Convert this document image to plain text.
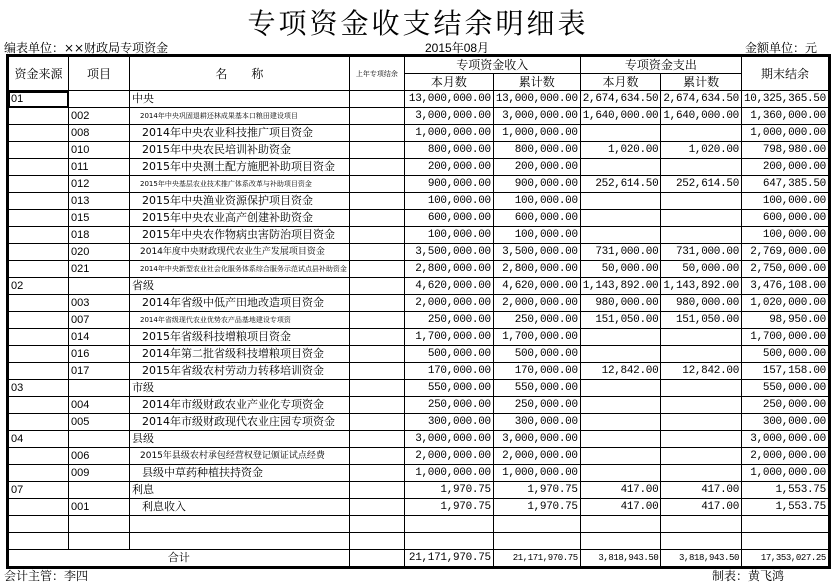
专项资金收支结余明细表
编表单位：××财政局专项资金	2015年08月	金额单位：元
资金来源	项目	名　　称	上年专项结余	专项资金收入		专项资金支出		期末结余
				本月数	累计数	本月数	累计数	
01		中央		13,000,000.00	13,000,000.00	2,674,634.50	2,674,634.50	10,325,365.50
	002	2014年中央巩固退耕还林成果基本口粮田建设项目		3,000,000.00	3,000,000.00	1,640,000.00	1,640,000.00	1,360,000.00
	008	2014年中央农业科技推广项目资金		1,000,000.00	1,000,000.00			1,000,000.00
	010	2015年中央农民培训补助资金		800,000.00	800,000.00	1,020.00	1,020.00	798,980.00
	011	2015年中央测土配方施肥补助项目资金		200,000.00	200,000.00			200,000.00
	012	2015年中央基层农业技术推广体系改革与补助项目资金		900,000.00	900,000.00	252,614.50	252,614.50	647,385.50
	013	2015年中央渔业资源保护项目资金		100,000.00	100,000.00			100,000.00
	015	2015年中央农业高产创建补助资金		600,000.00	600,000.00			600,000.00
	018	2015年中央农作物病虫害防治项目资金		100,000.00	100,000.00			100,000.00
	020	2014年度中央财政现代农业生产发展项目资金		3,500,000.00	3,500,000.00	731,000.00	731,000.00	2,769,000.00
	021	2014年中央新型农业社会化服务体系综合服务示范试点县补助资金		2,800,000.00	2,800,000.00	50,000.00	50,000.00	2,750,000.00
02		省级		4,620,000.00	4,620,000.00	1,143,892.00	1,143,892.00	3,476,108.00
	003	2014年省级中低产田地改造项目资金		2,000,000.00	2,000,000.00	980,000.00	980,000.00	1,020,000.00
	007	2014年省级现代农业优势农产品基地建设专项资		250,000.00	250,000.00	151,050.00	151,050.00	98,950.00
	014	2015年省级科技增粮项目资金		1,700,000.00	1,700,000.00			1,700,000.00
	016	2014年第二批省级科技增粮项目资金		500,000.00	500,000.00			500,000.00
	017	2015年省级农村劳动力转移培训资金		170,000.00	170,000.00	12,842.00	12,842.00	157,158.00
03		市级		550,000.00	550,000.00			550,000.00
	004	2014年市级财政农业产业化专项资金		250,000.00	250,000.00			250,000.00
	005	2014年市级财政现代农业庄园专项资金		300,000.00	300,000.00			300,000.00
04		县级		3,000,000.00	3,000,000.00			3,000,000.00
	006	2015年县级农村承包经营权登记颁证试点经费		2,000,000.00	2,000,000.00			2,000,000.00
	009	县级中草药种植扶持资金		1,000,000.00	1,000,000.00			1,000,000.00
07		利息		1,970.75	1,970.75	417.00	417.00	1,553.75
	001	利息收入		1,970.75	1,970.75	417.00	417.00	1,553.75

合计				21,171,970.75	21,171,970.75	3,818,943.50	3,818,943.50	17,353,027.25
会计主管：李四	制表：黄飞鸿
